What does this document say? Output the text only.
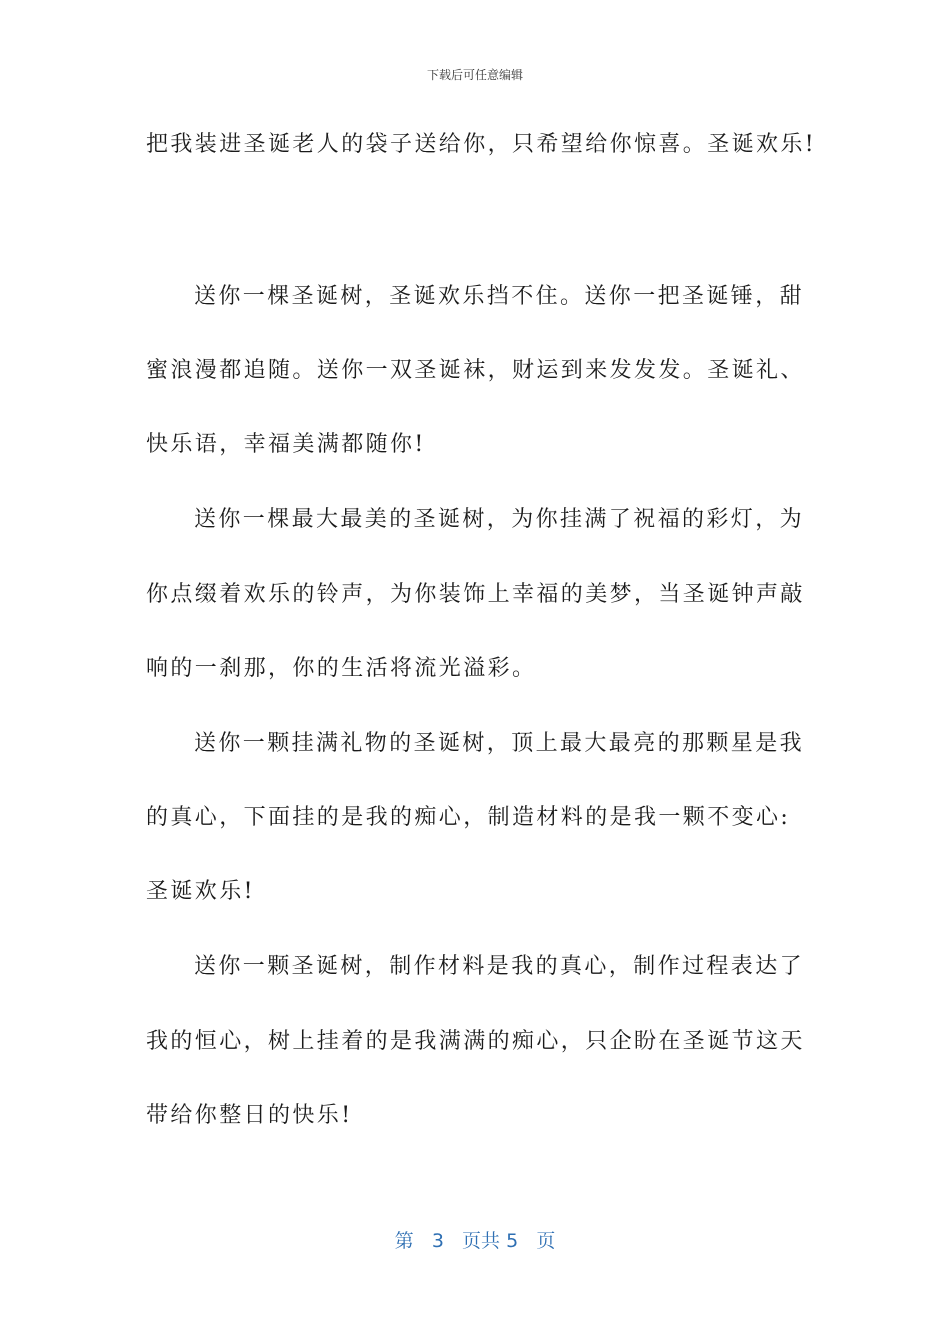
下载后可任意编辑
把我装进圣诞老人的袋子送给你，只希望给你惊喜。圣诞欢乐!
送你一棵圣诞树，圣诞欢乐挡不住。送你一把圣诞锤，甜
蜜浪漫都追随。送你一双圣诞袜，财运到来发发发。圣诞礼、
快乐语，幸福美满都随你!
送你一棵最大最美的圣诞树，为你挂满了祝福的彩灯，为
你点缀着欢乐的铃声，为你装饰上幸福的美梦，当圣诞钟声敲
响的一刹那，你的生活将流光溢彩。
送你一颗挂满礼物的圣诞树，顶上最大最亮的那颗星是我
的真心，下面挂的是我的痴心，制造材料的是我一颗不变心:
圣诞欢乐!
送你一颗圣诞树，制作材料是我的真心，制作过程表达了
我的恒心，树上挂着的是我满满的痴心，只企盼在圣诞节这天
带给你整日的快乐!
第 3 页共 5 页
